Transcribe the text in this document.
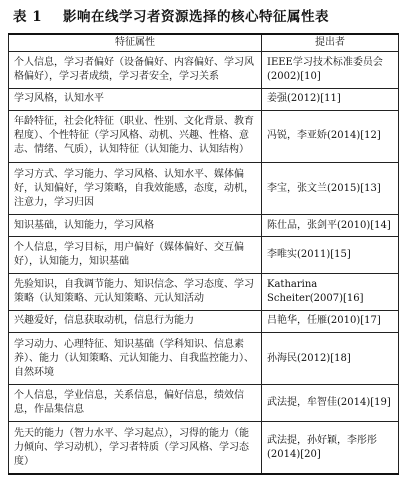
表 1 影响在线学习者资源选择的核心特征属性表
特征属性	提出者
个人信息，学习者偏好（设备偏好、内容偏好、学习风格偏好），学习者成绩，学习者安全，学习关系	IEEE学习技术标准委员会(2002)[10]
学习风格，认知水平	姜强(2012)[11]
年龄特征，社会化特征（职业、性别、文化背景、教育程度）、个性特征（学习风格、动机、兴趣、性格、意志、情绪、气质），认知特征（认知能力、认知结构）	冯锐，李亚娇(2014)[12]
学习方式、学习能力、学习风格、认知水平、媒体偏好，认知偏好，学习策略，自我效能感，态度，动机，注意力，学习归因	李宝，张文兰(2015)[13]
知识基础，认知能力，学习风格	陈仕品，张剑平(2010)[14]
个人信息，学习目标，用户偏好（媒体偏好、交互偏好），认知能力，知识基础	李唯实(2011)[15]
先验知识，自我调节能力、知识信念、学习态度、学习策略（认知策略、元认知策略、元认知活动	Katharina Scheiter(2007)[16]
兴趣爱好，信息获取动机，信息行为能力	吕艳华，任雁(2010)[17]
学习动力、心理特征、知识基础（学科知识、信息素养）、能力（认知策略、元认知能力、自我监控能力）、自然环境	孙海民(2012)[18]
个人信息，学业信息，关系信息，偏好信息，绩效信息，作品集信息	武法提，牟智佳(2014)[19]
先天的能力（智力水平、学习起点），习得的能力（能力倾向、学习动机），学习者特质（学习风格、学习态度）	武法提，孙好颖，李彤彤(2014)[20]
